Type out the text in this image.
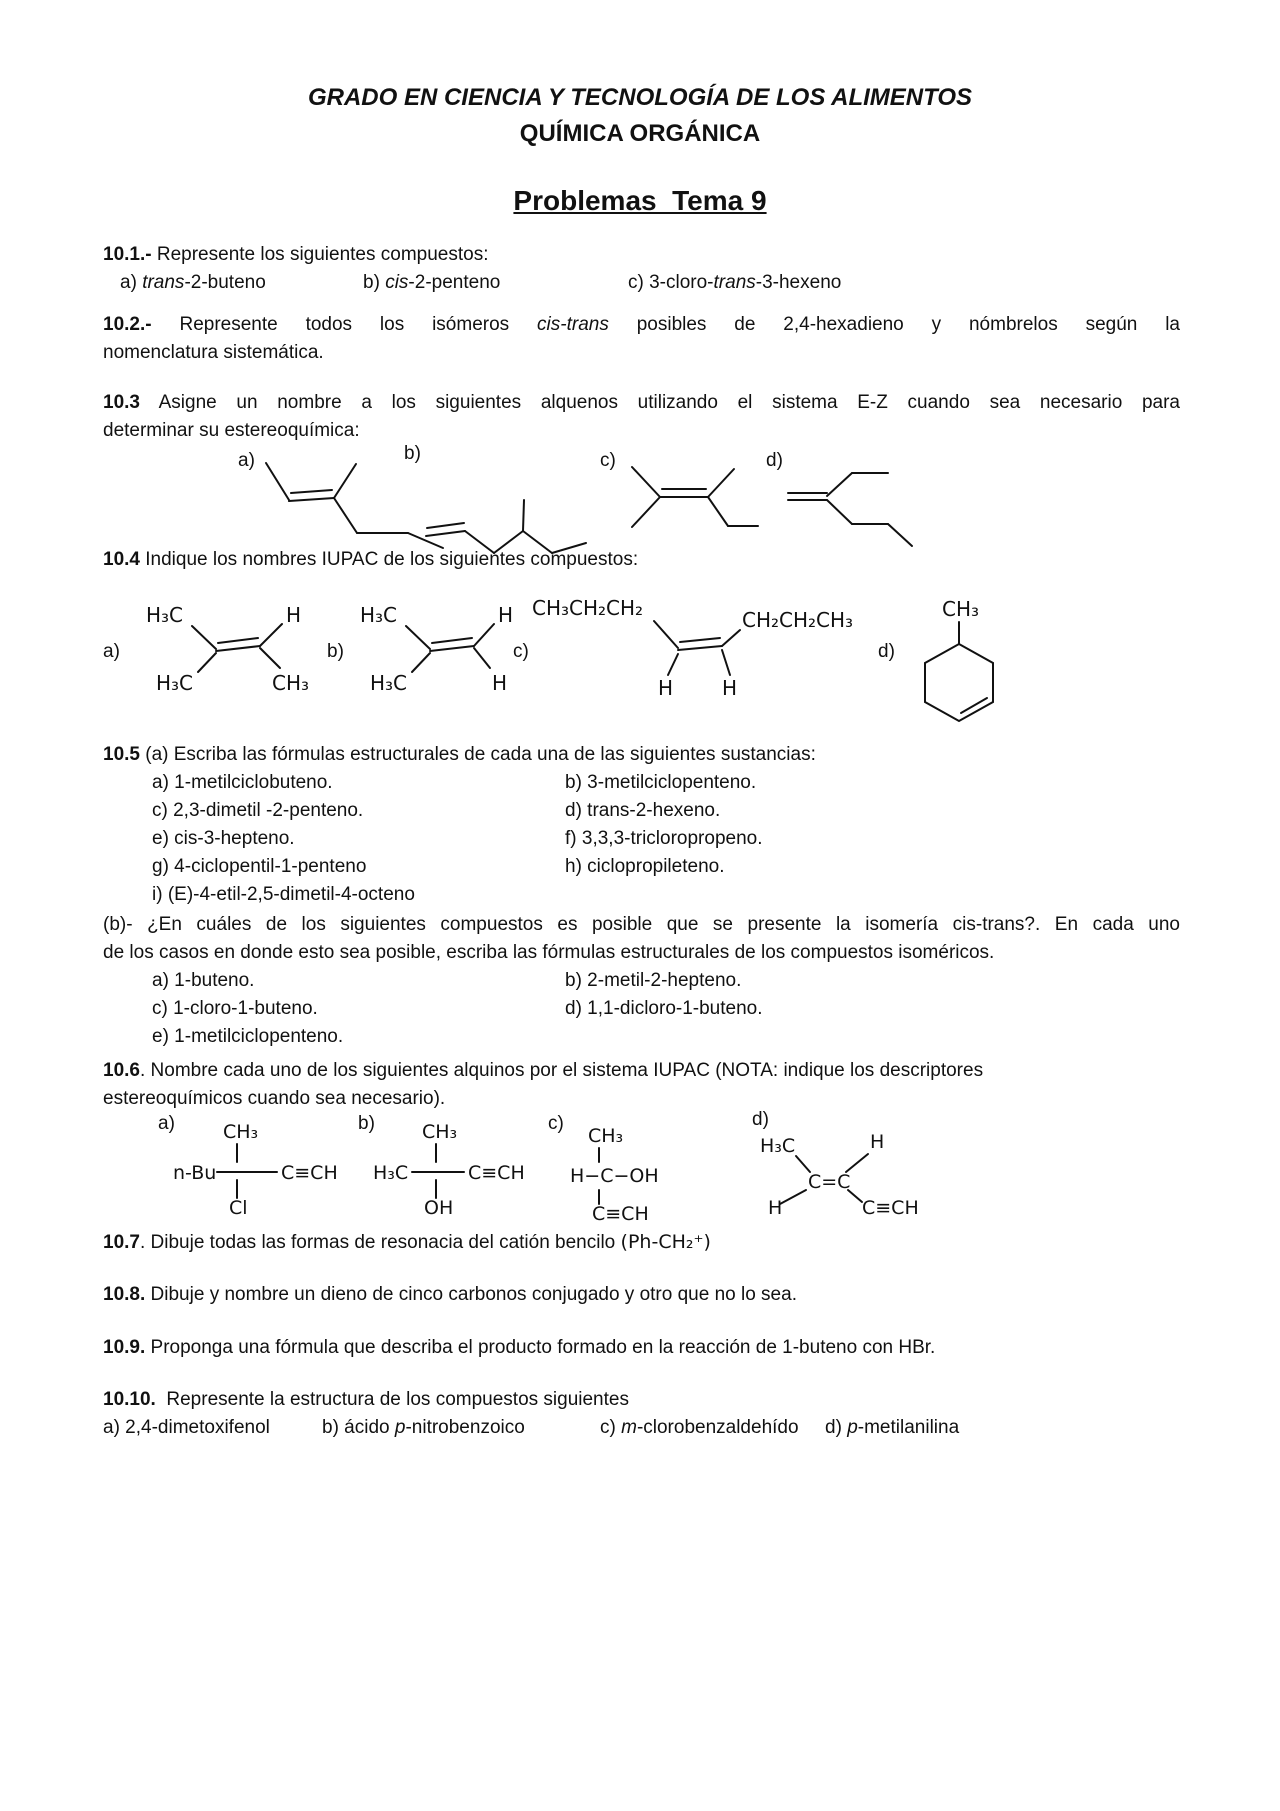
GRADO EN CIENCIA Y TECNOLOGÍA DE LOS ALIMENTOS
QUÍMICA ORGÁNICA
Problemas  Tema 9
10.1.- Represente los siguientes compuestos:
a) trans-2-buteno	b) cis-2-penteno	c) 3-cloro-trans-3-hexeno
10.2.- Represente todos los isómeros cis-trans posibles de 2,4-hexadieno y nómbrelos según la
nomenclatura sistemática.
10.3 Asigne un nombre a los siguientes alquenos utilizando el sistema E-Z cuando sea necesario para
determinar su estereoquímica:
a)	b)	c)	d)
10.4 Indique los nombres IUPAC de los siguientes compuestos:
a)	b)	c)	d)
H₃C
H₃C
H
CH₃
H₃C
H₃C
H
H
CH₃CH₂CH₂	CH₂CH₂CH₃
H H
CH₃
10.5 (a) Escriba las fórmulas estructurales de cada una de las siguientes sustancias:
a) 1-metilciclobuteno.
c) 2,3-dimetil -2-penteno.
e) cis-3-hepteno.
g) 4-ciclopentil-1-penteno
i) (E)-4-etil-2,5-dimetil-4-octeno
b) 3-metilciclopenteno.
d) trans-2-hexeno.
f) 3,3,3-tricloropropeno.
h) ciclopropileteno.
(b)- ¿En cuáles de los siguientes compuestos es posible que se presente la isomería cis-trans?. En cada uno
de los casos en donde esto sea posible, escriba las fórmulas estructurales de los compuestos isoméricos.
a) 1-buteno.
c) 1-cloro-1-buteno.
e) 1-metilciclopenteno.
b) 2-metil-2-hepteno.
d) 1,1-dicloro-1-buteno.
10.6. Nombre cada uno de los siguientes alquinos por el sistema IUPAC (NOTA: indique los descriptores
estereoquímicos cuando sea necesario).
a)	b)	c)	d)
CH₃
n-Bu	C≡CH
Cl
CH₃
H₃C	C≡CH
OH
CH₃
H−C−OH
C≡CH
H₃C	H
C=C
H	C≡CH
10.7. Dibuje todas las formas de resonacia del catión bencilo (Ph-CH₂⁺)
10.8. Dibuje y nombre un dieno de cinco carbonos conjugado y otro que no lo sea.
10.9. Proponga una fórmula que describa el producto formado en la reacción de 1-buteno con HBr.
10.10.  Represente la estructura de los compuestos siguientes
a) 2,4-dimetoxifenol	b) ácido p-nitrobenzoico	c) m-clorobenzaldehído d) p-metilanilina
